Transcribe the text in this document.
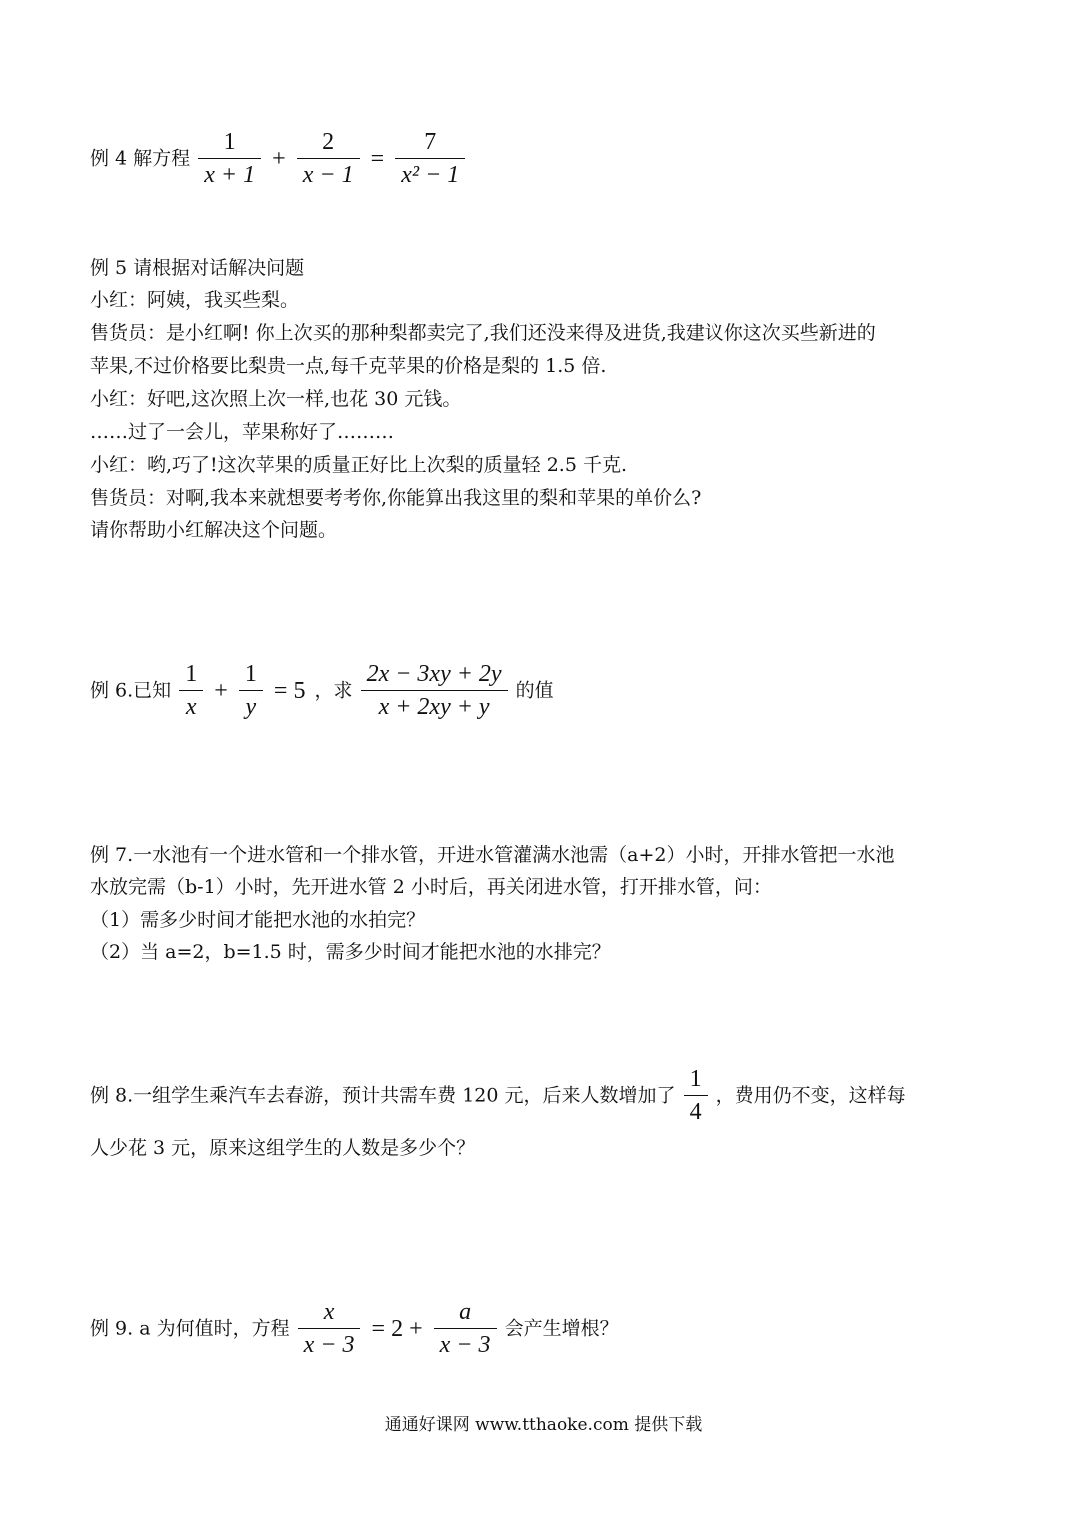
例 4 解方程 $\frac{1}{x + 1} + \frac{2}{x - 1} = \frac{7}{\text{x² − 1}}$
例 5 请根据对话解决问题
小红：阿姨，我买些梨。
售货员：是小红啊! 你上次买的那种梨都卖完了,我们还没来得及进货,我建议你这次买些新进的
苹果,不过价格要比梨贵一点,每千克苹果的价格是梨的 1.5 倍.
小红：好吧,这次照上次一样,也花 30 元钱。
……过了一会儿，苹果称好了………
小红：哟,巧了!这次苹果的质量正好比上次梨的质量轻 2.5 千克.
售货员：对啊,我本来就想要考考你,你能算出我这里的梨和苹果的单价么?
请你帮助小红解决这个问题。
例 6.已知 $\frac{1}{x} + \frac{1}{y} = 5$ ，求 $\frac{2x - 3xy + 2y}{x + 2xy + y}$ 的值
例 7.一水池有一个进水管和一个排水管，开进水管灌满水池需（a+2）小时，开排水管把一水池
水放完需（b-1）小时，先开进水管 2 小时后，再关闭进水管，打开排水管，问：
（1）需多少时间才能把水池的水拍完？
（2）当 a=2，b=1.5 时，需多少时间才能把水池的水排完？
例 8.一组学生乘汽车去春游，预计共需车费 120 元，后来人数增加了 $\frac{1}{4}$ ，费用仍不变，这样每
人少花 3 元，原来这组学生的人数是多少个？
例 9. a 为何值时，方程 $\frac{x}{x - 3} = 2 + \frac{a}{x - 3}$ 会产生增根？
通通好课网 www.tthaoke.com 提供下载
